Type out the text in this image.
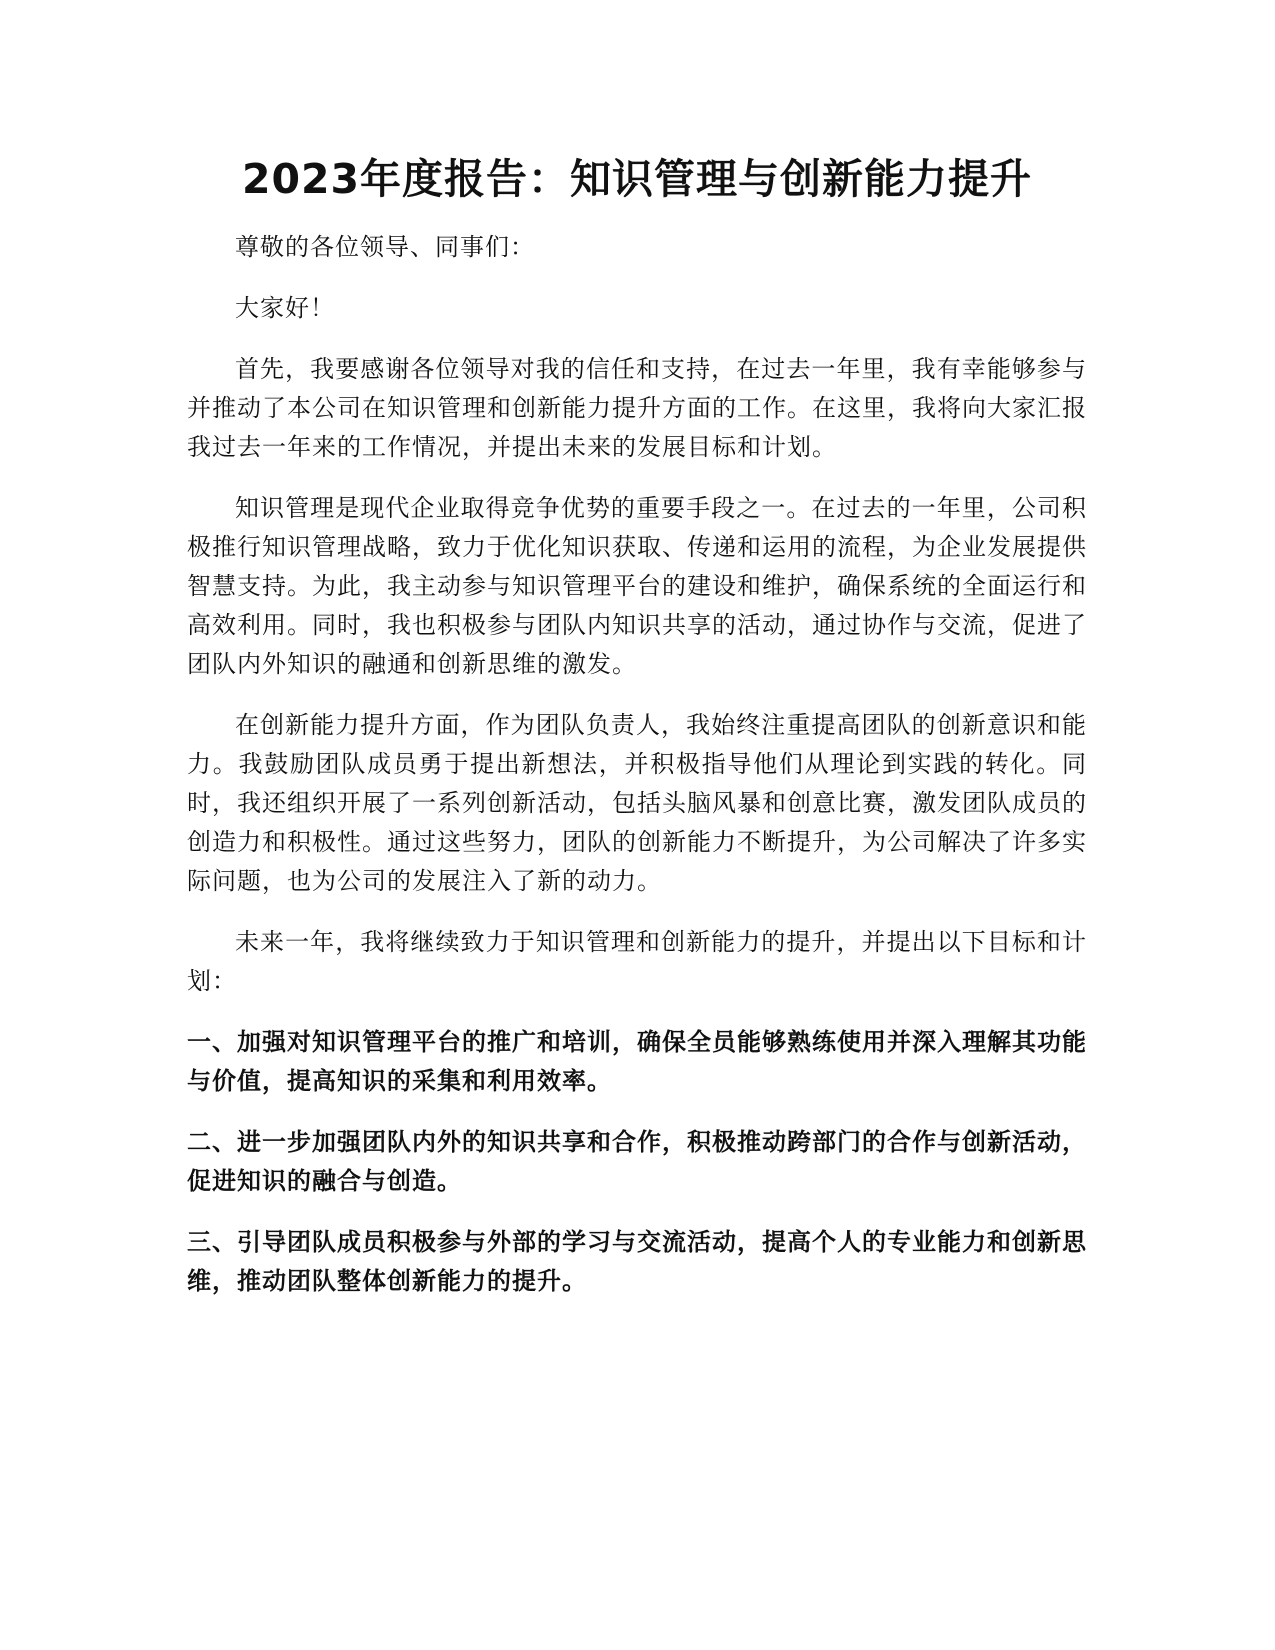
2023年度报告：知识管理与创新能力提升

尊敬的各位领导、同事们：

大家好！

首先，我要感谢各位领导对我的信任和支持，在过去一年里，我有幸能够参与并推动了本公司在知识管理和创新能力提升方面的工作。在这里，我将向大家汇报我过去一年来的工作情况，并提出未来的发展目标和计划。

知识管理是现代企业取得竞争优势的重要手段之一。在过去的一年里，公司积极推行知识管理战略，致力于优化知识获取、传递和运用的流程，为企业发展提供智慧支持。为此，我主动参与知识管理平台的建设和维护，确保系统的全面运行和高效利用。同时，我也积极参与团队内知识共享的活动，通过协作与交流，促进了团队内外知识的融通和创新思维的激发。

在创新能力提升方面，作为团队负责人，我始终注重提高团队的创新意识和能力。我鼓励团队成员勇于提出新想法，并积极指导他们从理论到实践的转化。同时，我还组织开展了一系列创新活动，包括头脑风暴和创意比赛，激发团队成员的创造力和积极性。通过这些努力，团队的创新能力不断提升，为公司解决了许多实际问题，也为公司的发展注入了新的动力。

未来一年，我将继续致力于知识管理和创新能力的提升，并提出以下目标和计划：

一、加强对知识管理平台的推广和培训，确保全员能够熟练使用并深入理解其功能与价值，提高知识的采集和利用效率。

二、进一步加强团队内外的知识共享和合作，积极推动跨部门的合作与创新活动，促进知识的融合与创造。

三、引导团队成员积极参与外部的学习与交流活动，提高个人的专业能力和创新思维，推动团队整体创新能力的提升。
